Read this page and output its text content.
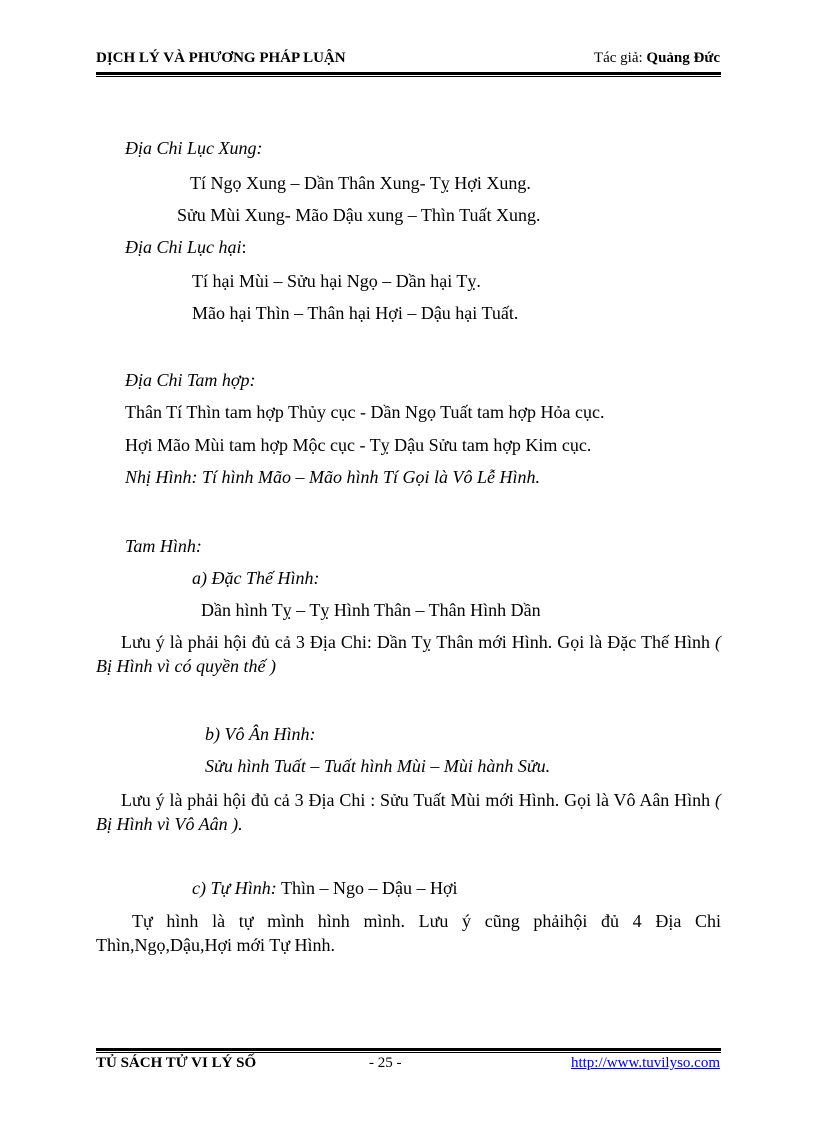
DỊCH LÝ VÀ PHƯƠNG PHÁP LUẬN	Tác giả: Quảng Đức
Địa Chi Lục Xung:
Tí Ngọ Xung – Dần Thân Xung- Tỵ Hợi Xung.
Sửu Mùi Xung- Mão Dậu xung – Thìn Tuất Xung.
Địa Chi Lục hại:
Tí hại Mùi – Sửu hại Ngọ – Dần hại Tỵ.
Mão hại Thìn – Thân hại Hợi – Dậu hại Tuất.
Địa Chi Tam hợp:
Thân Tí Thìn tam hợp Thủy cục - Dần Ngọ Tuất tam hợp Hỏa cục.
Hợi Mão Mùi tam hợp Mộc cục - Tỵ Dậu Sửu tam hợp Kim cục.
Nhị Hình: Tí hình Mão – Mão hình Tí Gọi là Vô Lễ Hình.
Tam Hình:
a) Đặc Thế Hình:
Dần hình Tỵ – Tỵ Hình Thân – Thân Hình Dần
Lưu ý là phải hội đủ cả 3 Địa Chi: Dần Tỵ Thân mới Hình. Gọi là Đặc Thế Hình ( Bị Hình vì có quyền thế )
b) Vô Ân Hình:
Sửu hình Tuất – Tuất hình Mùi – Mùi hành Sửu.
Lưu ý là phải hội đủ cả 3 Địa Chi : Sửu Tuất Mùi mới Hình. Gọi là Vô Aân Hình ( Bị Hình vì Vô Aân ).
c) Tự Hình: Thìn – Ngo – Dậu – Hợi
Tự hình là tự mình hình mình. Lưu ý cũng phảihội đủ 4 Địa Chi Thìn,Ngọ,Dậu,Hợi mới Tự Hình.
TỦ SÁCH TỬ VI LÝ SỐ	- 25 -	http://www.tuvilyso.com
